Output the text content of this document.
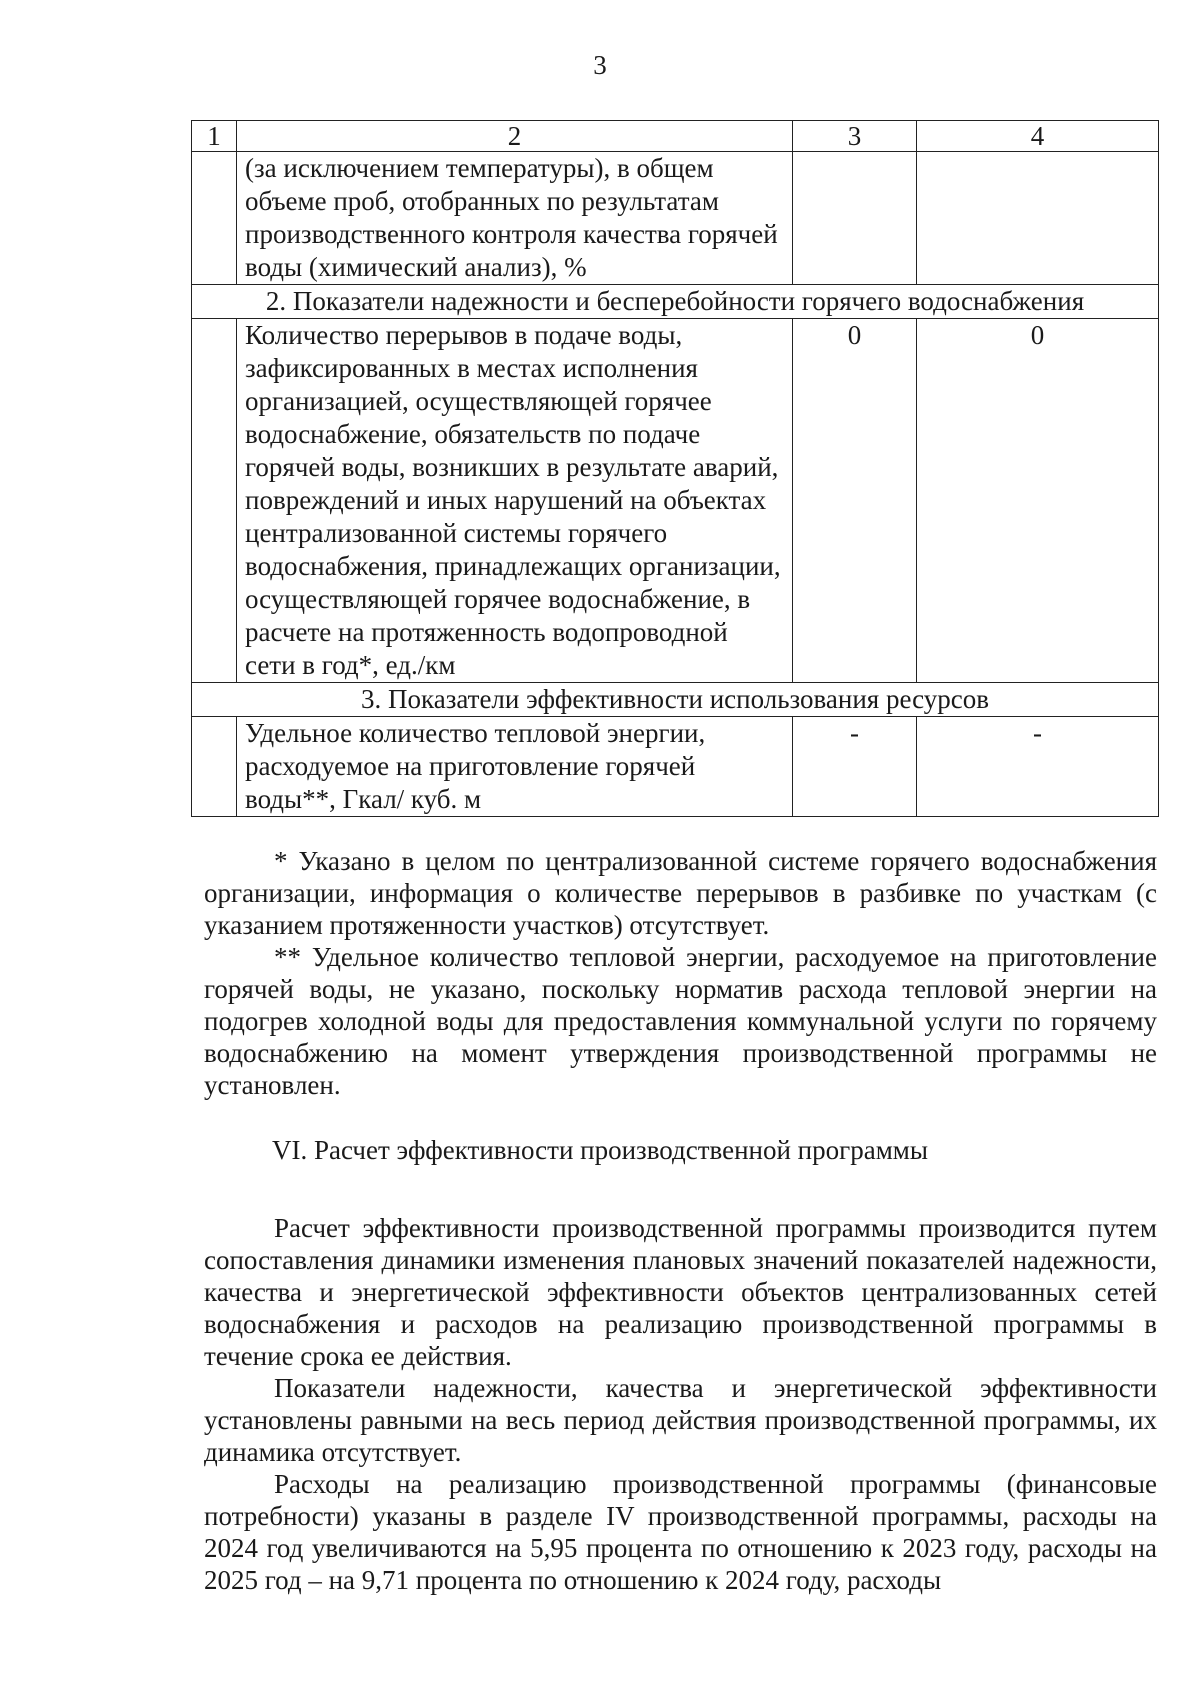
3
1	2	3	4
	(за исключением температуры), в общем объеме проб, отобранных по результатам производственного контроля качества горячей воды (химический анализ), %		
2. Показатели надежности и бесперебойности горячего водоснабжения			
	Количество перерывов в подаче воды, зафиксированных в местах исполнения организацией, осуществляющей горячее водоснабжение, обязательств по подаче горячей воды, возникших в результате аварий, повреждений и иных нарушений на объектах централизованной системы горячего водоснабжения, принадлежащих организации, осуществляющей горячее водоснабжение, в расчете на протяженность водопроводной сети в год*, ед./км	0	0
3. Показатели эффективности использования ресурсов			
	Удельное количество тепловой энергии, расходуемое на приготовление горячей воды**, Гкал/ куб. м	-	-

* Указано в целом по централизованной системе горячего водоснабжения организации, информация о количестве перерывов в разбивке по участкам (с указанием протяженности участков) отсутствует.

** Удельное количество тепловой энергии, расходуемое на приготовление горячей воды, не указано, поскольку норматив расхода тепловой энергии на подогрев холодной воды для предоставления коммунальной услуги по горячему водоснабжению на момент утверждения производственной программы не установлен.

VI. Расчет эффективности производственной программы

Расчет эффективности производственной программы производится путем сопоставления динамики изменения плановых значений показателей надежности, качества и энергетической эффективности объектов централизованных сетей водоснабжения и расходов на реализацию производственной программы в течение срока ее действия.

Показатели надежности, качества и энергетической эффективности установлены равными на весь период действия производственной программы, их динамика отсутствует.

Расходы на реализацию производственной программы (финансовые потребности) указаны в разделе IV производственной программы, расходы на 2024 год увеличиваются на 5,95 процента по отношению к 2023 году, расходы на 2025 год – на 9,71 процента по отношению к 2024 году, расходы
